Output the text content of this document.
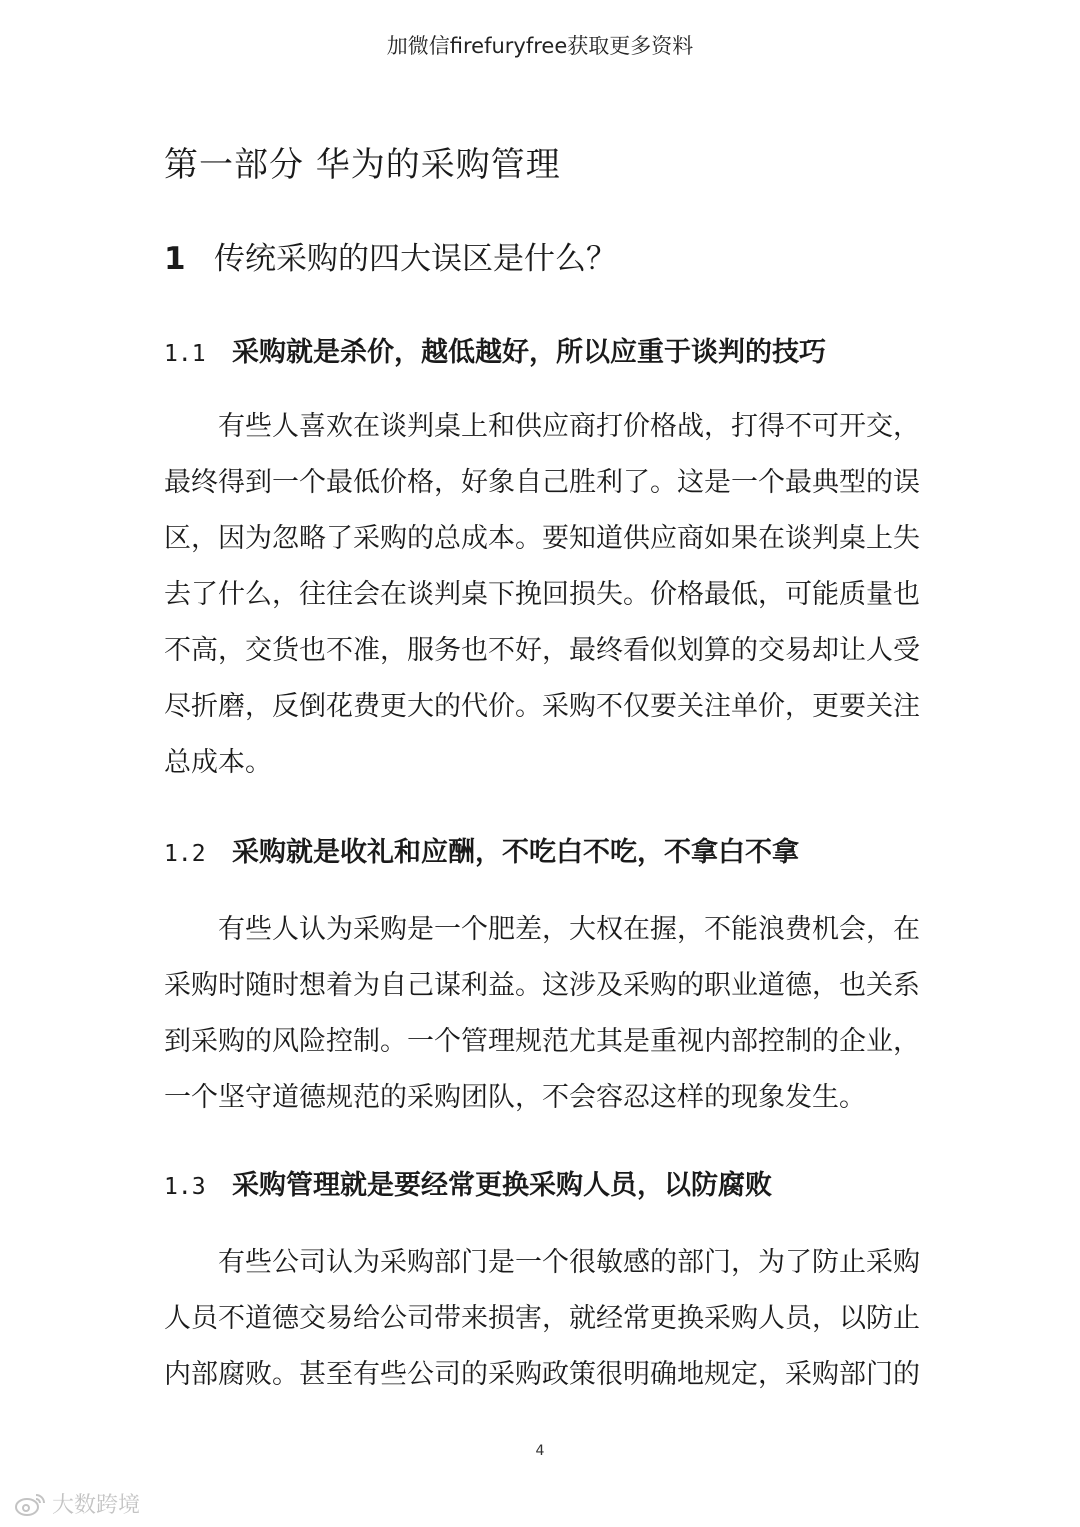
加微信firefuryfree获取更多资料
第一部分 华为的采购管理
1 传统采购的四大误区是什么？
1.1 采购就是杀价，越低越好，所以应重于谈判的技巧

有些人喜欢在谈判桌上和供应商打价格战，打得不可开交，最终得到一个最低价格，好象自己胜利了。这是一个最典型的误区，因为忽略了采购的总成本。要知道供应商如果在谈判桌上失去了什么，往往会在谈判桌下挽回损失。价格最低，可能质量也不高，交货也不准，服务也不好，最终看似划算的交易却让人受尽折磨，反倒花费更大的代价。采购不仅要关注单价，更要关注总成本。

1.2 采购就是收礼和应酬，不吃白不吃，不拿白不拿

有些人认为采购是一个肥差，大权在握，不能浪费机会，在采购时随时想着为自己谋利益。这涉及采购的职业道德，也关系到采购的风险控制。一个管理规范尤其是重视内部控制的企业，一个坚守道德规范的采购团队，不会容忍这样的现象发生。

1.3 采购管理就是要经常更换采购人员，以防腐败

有些公司认为采购部门是一个很敏感的部门，为了防止采购人员不道德交易给公司带来损害，就经常更换采购人员，以防止内部腐败。甚至有些公司的采购政策很明确地规定，采购部门的

4
大数跨境
